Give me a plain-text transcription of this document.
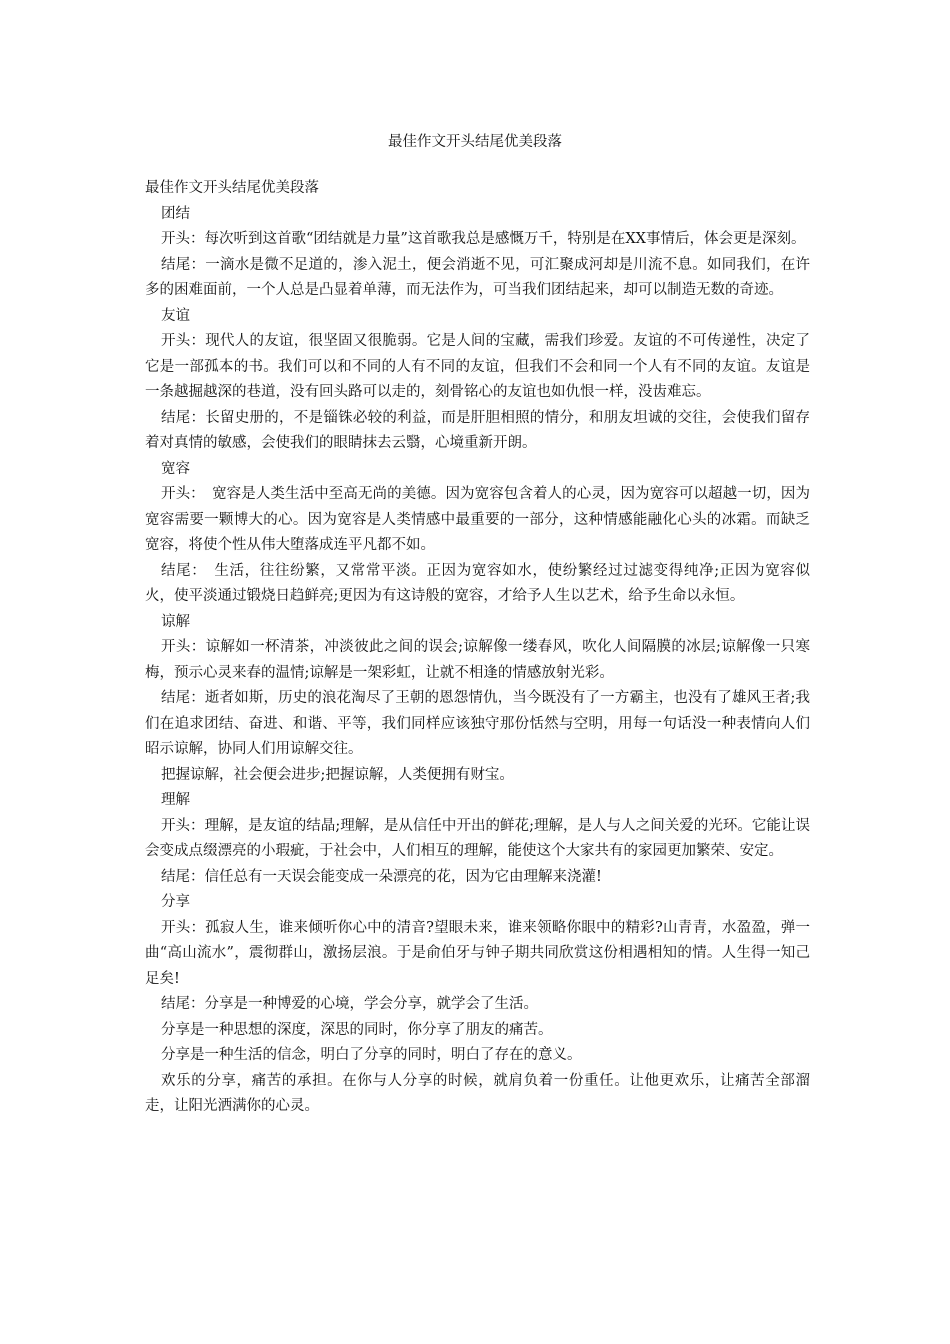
最佳作文开头结尾优美段落

最佳作文开头结尾优美段落

团结

开头：每次听到这首歌“团结就是力量”这首歌我总是感慨万千，特别是在XX事情后，体会更是深刻。

结尾：一滴水是微不足道的，渗入泥土，便会消逝不见，可汇聚成河却是川流不息。如同我们，在许多的困难面前，一个人总是凸显着单薄，而无法作为，可当我们团结起来，却可以制造无数的奇迹。

友谊

开头：现代人的友谊，很坚固又很脆弱。它是人间的宝藏，需我们珍爱。友谊的不可传递性，决定了它是一部孤本的书。我们可以和不同的人有不同的友谊，但我们不会和同一个人有不同的友谊。友谊是一条越掘越深的巷道，没有回头路可以走的，刻骨铭心的友谊也如仇恨一样，没齿难忘。

结尾：长留史册的，不是锱铢必较的利益，而是肝胆相照的情分，和朋友坦诚的交往，会使我们留存着对真情的敏感，会使我们的眼睛抹去云翳，心境重新开朗。

宽容

开头：　宽容是人类生活中至高无尚的美德。因为宽容包含着人的心灵，因为宽容可以超越一切，因为宽容需要一颗博大的心。因为宽容是人类情感中最重要的一部分，这种情感能融化心头的冰霜。而缺乏宽容，将使个性从伟大堕落成连平凡都不如。

结尾：　生活，往往纷繁，又常常平淡。正因为宽容如水，使纷繁经过过滤变得纯净;正因为宽容似火，使平淡通过锻烧日趋鲜亮;更因为有这诗般的宽容，才给予人生以艺术，给予生命以永恒。

谅解

开头：谅解如一杯清茶，冲淡彼此之间的误会;谅解像一缕春风，吹化人间隔膜的冰层;谅解像一只寒梅，预示心灵来春的温情;谅解是一架彩虹，让就不相逢的情感放射光彩。

结尾：逝者如斯，历史的浪花淘尽了王朝的恩怨情仇，当今既没有了一方霸主，也没有了雄风王者;我们在追求团结、奋进、和谐、平等，我们同样应该独守那份恬然与空明，用每一句话没一种表情向人们昭示谅解，协同人们用谅解交往。

把握谅解，社会便会进步;把握谅解，人类便拥有财宝。

理解

开头：理解，是友谊的结晶;理解，是从信任中开出的鲜花;理解，是人与人之间关爱的光环。它能让误会变成点缀漂亮的小瑕疵，于社会中，人们相互的理解，能使这个大家共有的家园更加繁荣、安定。

结尾：信任总有一天误会能变成一朵漂亮的花，因为它由理解来浇灌!

分享

开头：孤寂人生，谁来倾听你心中的清音?望眼未来，谁来领略你眼中的精彩?山青青，水盈盈，弹一曲“高山流水”，震彻群山，激扬层浪。于是俞伯牙与钟子期共同欣赏这份相遇相知的情。人生得一知己足矣!

结尾：分享是一种博爱的心境，学会分享，就学会了生活。

分享是一种思想的深度，深思的同时，你分享了朋友的痛苦。

分享是一种生活的信念，明白了分享的同时，明白了存在的意义。

欢乐的分享，痛苦的承担。在你与人分享的时候，就肩负着一份重任。让他更欢乐，让痛苦全部溜走，让阳光洒满你的心灵。
